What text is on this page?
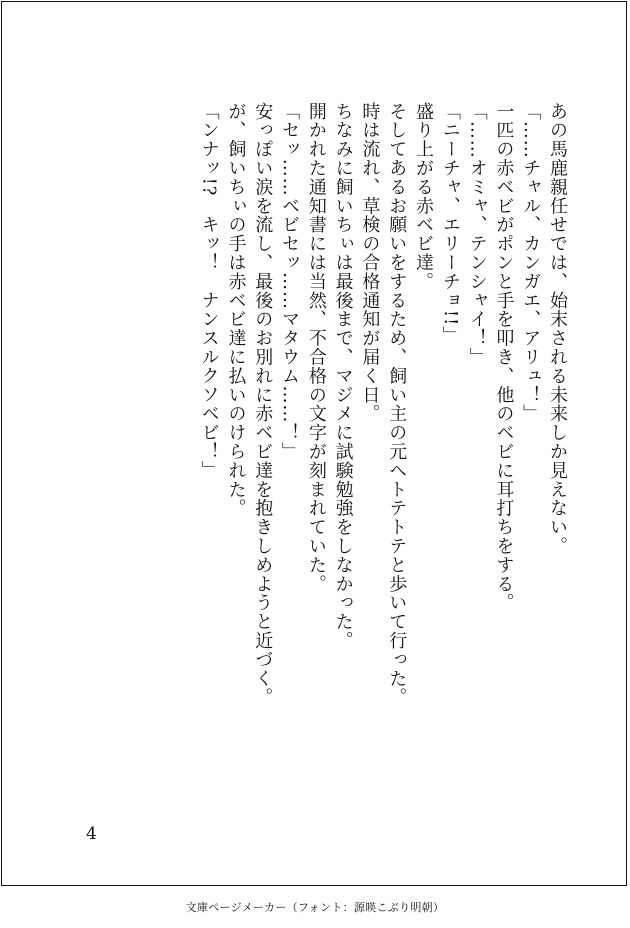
あの馬鹿親任せでは、始末される未来しか見えない。
「……チャル、カンガエ、アリュ！」
一匹の赤ベビがポンと手を叩き、他のベビに耳打ちをする。
「……オミャ、テンシャイ！」
「ニーチャ、エリーチョ!!」
盛り上がる赤ベビ達。
そしてあるお願いをするため、飼い主の元へトテトテと歩いて行った。
時は流れ、草検の合格通知が届く日。
ちなみに飼いちぃは最後まで、マジメに試験勉強をしなかった。
開かれた通知書には当然、不合格の文字が刻まれていた。
「セッ……ベビセッ……マタウム……！」
安っぽい涙を流し、最後のお別れに赤ベビ達を抱きしめようと近づく。
が、飼いちぃの手は赤ベビ達に払いのけられた。
「ンナッ!?　キッ！　ナンスルクソベビ！」
4
文庫ページメーカー（フォント：源暎こぶり明朝）
